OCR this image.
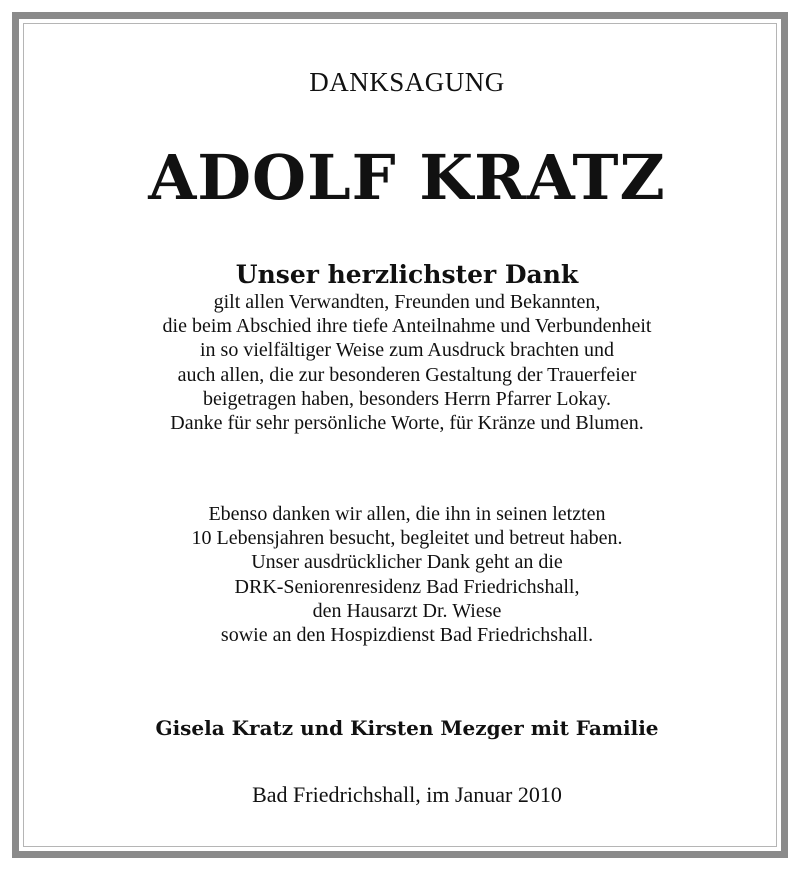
DANKSAGUNG
ADOLF KRATZ
Unser herzlichster Dank
gilt allen Verwandten, Freunden und Bekannten,
die beim Abschied ihre tiefe Anteilnahme und Verbundenheit
in so vielfältiger Weise zum Ausdruck brachten und
auch allen, die zur besonderen Gestaltung der Trauerfeier
beigetragen haben, besonders Herrn Pfarrer Lokay.
Danke für sehr persönliche Worte, für Kränze und Blumen.
Ebenso danken wir allen, die ihn in seinen letzten
10 Lebensjahren besucht, begleitet und betreut haben.
Unser ausdrücklicher Dank geht an die
DRK-Seniorenresidenz Bad Friedrichshall,
den Hausarzt Dr. Wiese
sowie an den Hospizdienst Bad Friedrichshall.
Gisela Kratz und Kirsten Mezger mit Familie
Bad Friedrichshall, im Januar 2010
